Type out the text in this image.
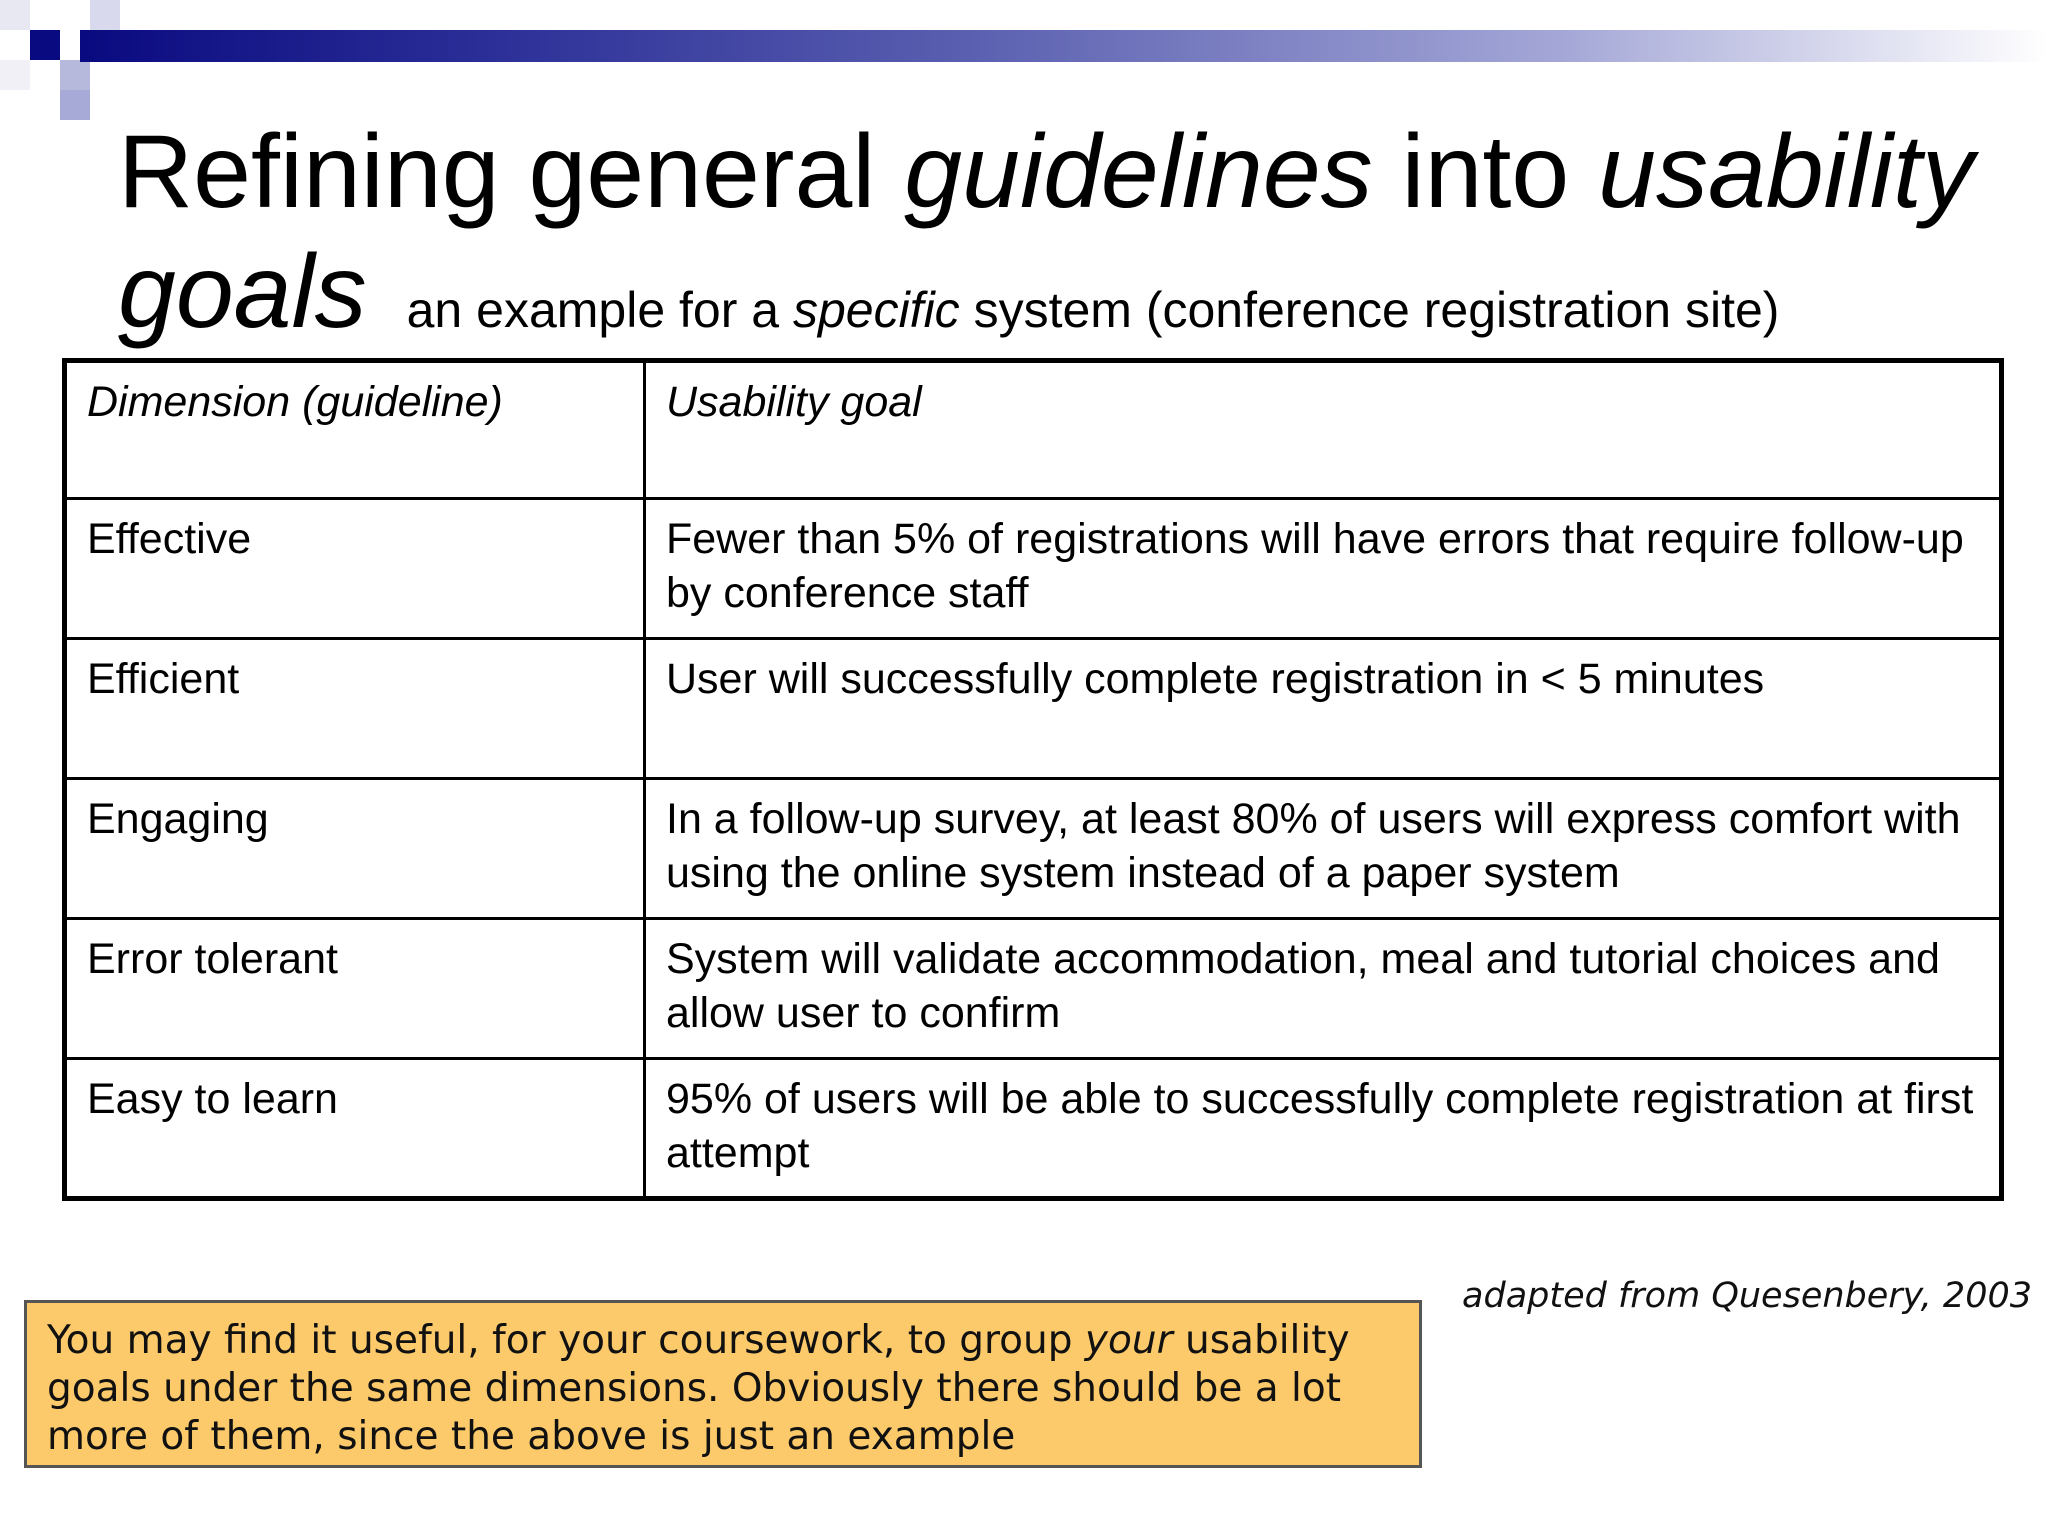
Refining general guidelines into usability
goals an example for a specific system (conference registration site)
Dimension (guideline)	Usability goal
Effective	Fewer than 5% of registrations will have errors that require follow-up by conference staff
Efficient	User will successfully complete registration in < 5 minutes
Engaging	In a follow-up survey, at least 80% of users will express comfort with using the online system instead of a paper system
Error tolerant	System will validate accommodation, meal and tutorial choices and allow user to confirm
Easy to learn	95% of users will be able to successfully complete registration at first attempt
adapted from Quesenbery, 2003
You may find it useful, for your coursework, to group your usability goals under the same dimensions. Obviously there should be a lot more of them, since the above is just an example
